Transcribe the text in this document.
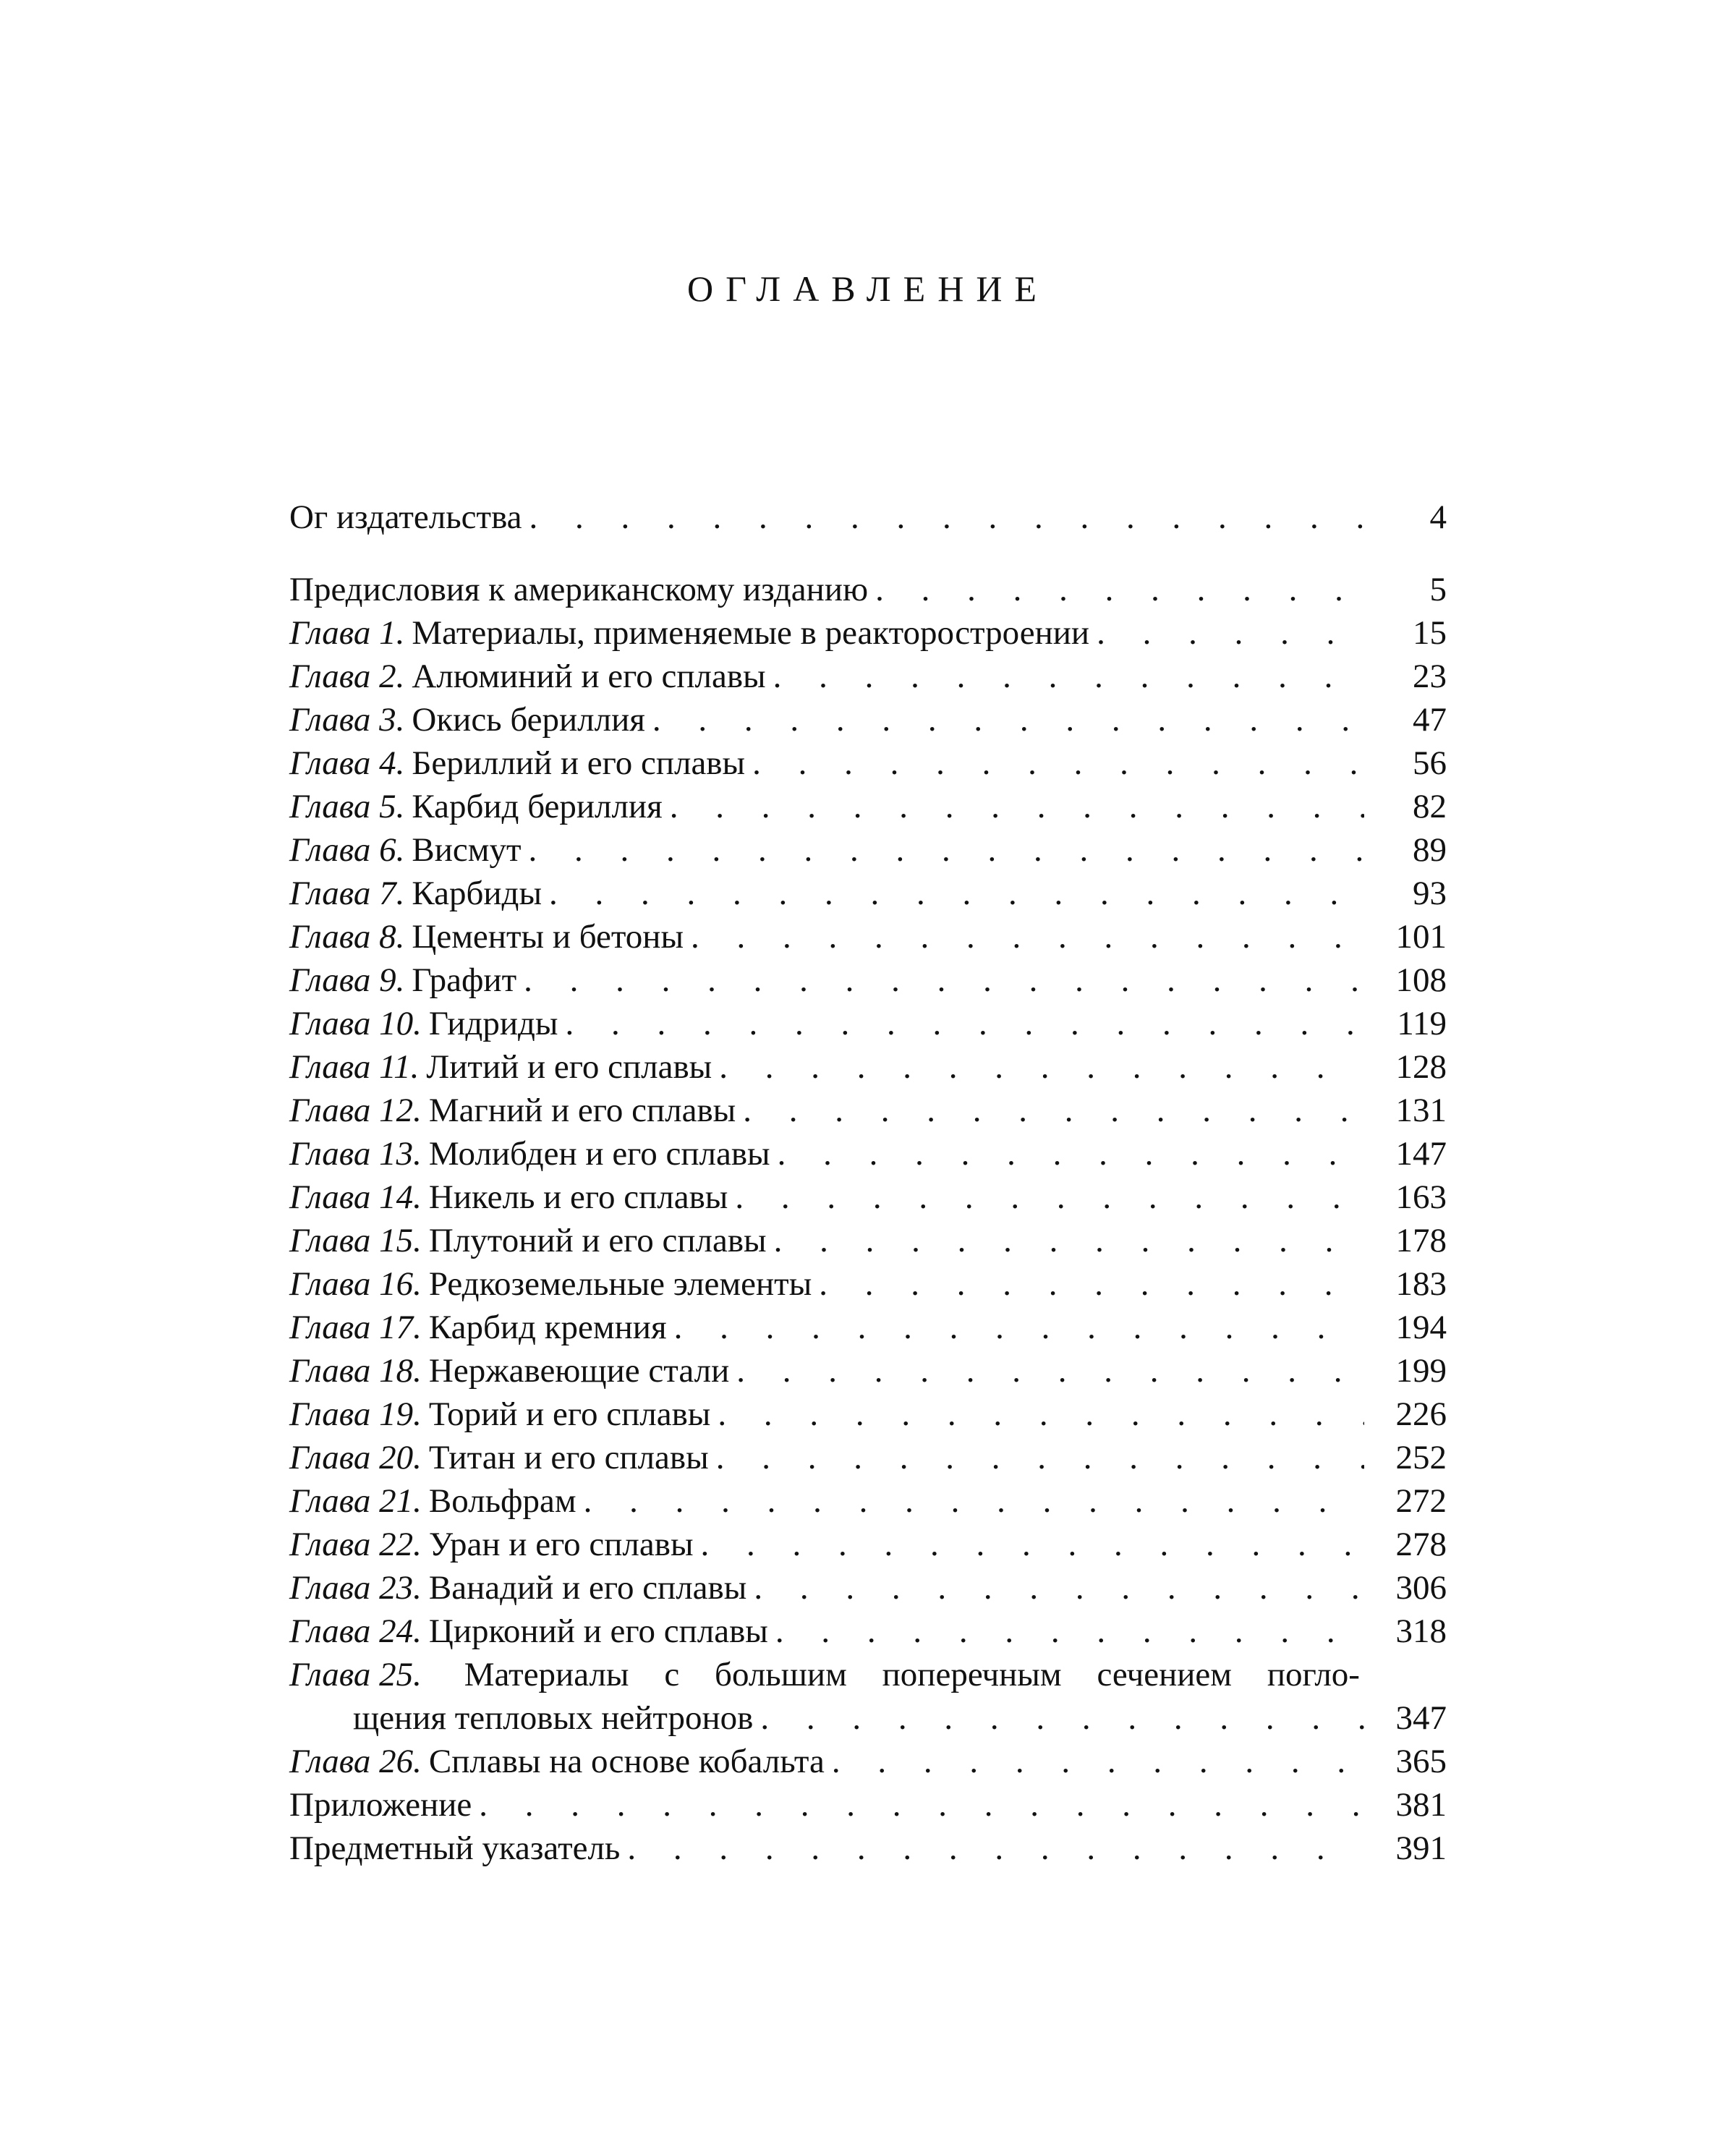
ОГЛАВЛЕНИЕ
Ог издательства . . .	4
Предисловия к американскому изданию . . .	5
Глава 1. Материалы, применяемые в реакторостроении . . .	15
Глава 2. Алюминий и его сплавы . . .	23
Глава 3. Окись бериллия . . .	47
Глава 4. Бериллий и его сплавы . . .	56
Глава 5. Карбид бериллия . . .	82
Глава 6. Висмут . . .	89
Глава 7. Карбиды . . .	93
Глава 8. Цементы и бетоны . . .	101
Глава 9. Графит . . .	108
Глава 10. Гидриды . . .	119
Глава 11. Литий и его сплавы . . .	128
Глава 12. Магний и его сплавы . . .	131
Глава 13. Молибден и его сплавы . . .	147
Глава 14. Никель и его сплавы . . .	163
Глава 15. Плутоний и его сплавы . . .	178
Глава 16. Редкоземельные элементы . . .	183
Глава 17. Карбид кремния . . .	194
Глава 18. Нержавеющие стали . . .	199
Глава 19. Торий и его сплавы . . .	226
Глава 20. Титан и его сплавы . . .	252
Глава 21. Вольфрам . . .	272
Глава 22. Уран и его сплавы . . .	278
Глава 23. Ванадий и его сплавы . . .	306
Глава 24. Цирконий и его сплавы . . .	318
Глава 25. Материалы с большим поперечным сечением погло-
щения тепловых нейтронов . . .	347
Глава 26. Сплавы на основе кобальта . . .	365
Приложение . . .	381
Предметный указатель . . .	391
